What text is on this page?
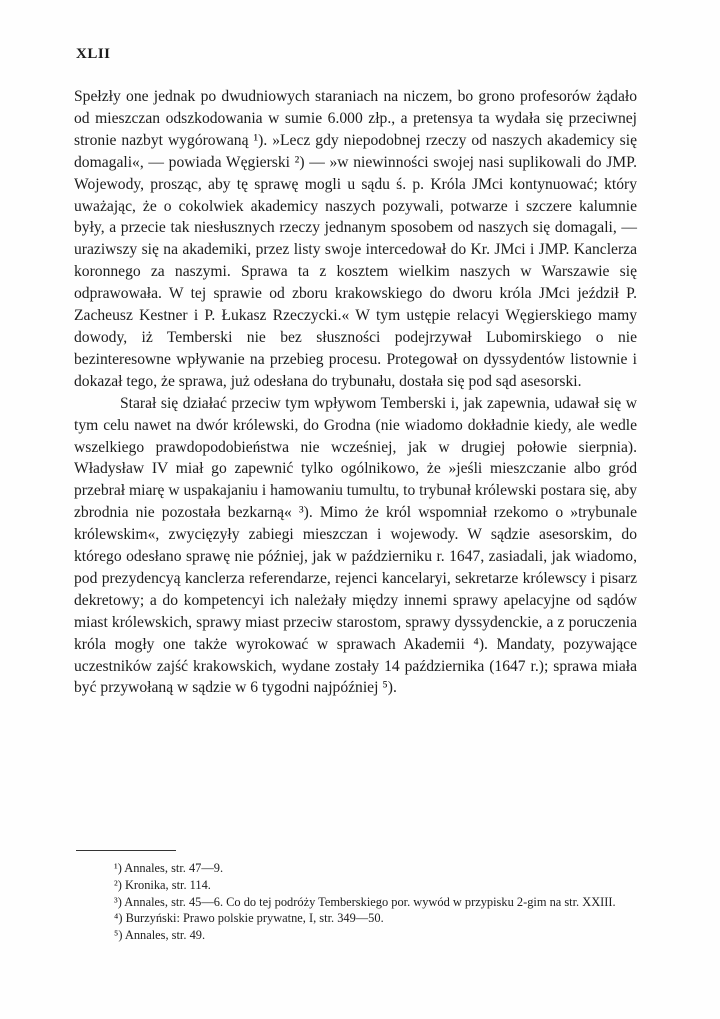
XLII

Spełzły one jednak po dwudniowych staraniach na niczem, bo grono profesorów żądało od mieszczan odszkodowania w sumie 6.000 złp., a pretensya ta wydała się przeciwnej stronie nazbyt wygórowaną ¹). »Lecz gdy niepodobnej rzeczy od naszych akademicy się domagali«, — powiada Węgierski ²) — »w niewinności swojej nasi suplikowali do JMP. Wojewody, prosząc, aby tę sprawę mogli u sądu ś. p. Króla JMci kontynuować; który uważając, że o cokolwiek akademicy naszych pozywali, potwarze i szczere kalumnie były, a przecie tak niesłusznych rzeczy jednanym sposobem od naszych się domagali, — uraziwszy się na akademiki, przez listy swoje intercedował do Kr. JMci i JMP. Kanclerza koronnego za naszymi. Sprawa ta z kosztem wielkim naszych w Warszawie się odprawowała. W tej sprawie od zboru krakowskiego do dworu króla JMci jeździł P. Zacheusz Kestner i P. Łukasz Rzeczycki.« W tym ustępie relacyi Węgierskiego mamy dowody, iż Temberski nie bez słuszności podejrzywał Lubomirskiego o nie bezinteresowne wpływanie na przebieg procesu. Protegował on dyssydentów listownie i dokazał tego, że sprawa, już odesłana do trybunału, dostała się pod sąd asesorski.

Starał się działać przeciw tym wpływom Temberski i, jak zapewnia, udawał się w tym celu nawet na dwór królewski, do Grodna (nie wiadomo dokładnie kiedy, ale wedle wszelkiego prawdopodobieństwa nie wcześniej, jak w drugiej połowie sierpnia). Władysław IV miał go zapewnić tylko ogólnikowo, że »jeśli mieszczanie albo gród przebrał miarę w uspakajaniu i hamowaniu tumultu, to trybunał królewski postara się, aby zbrodnia nie pozostała bezkarną« ³). Mimo że król wspomniał rzekomo o »trybunale królewskim«, zwycięzyły zabiegi mieszczan i wojewody. W sądzie asesorskim, do którego odesłano sprawę nie później, jak w październiku r. 1647, zasiadali, jak wiadomo, pod prezydencyą kanclerza referendarze, rejenci kancelaryi, sekretarze królewscy i pisarz dekretowy; a do kompetencyi ich należały między innemi sprawy apelacyjne od sądów miast królewskich, sprawy miast przeciw starostom, sprawy dyssydenckie, a z poruczenia króla mogły one także wyrokować w sprawach Akademii ⁴). Mandaty, pozywające uczestników zajść krakowskich, wydane zostały 14 października (1647 r.); sprawa miała być przywołaną w sądzie w 6 tygodni najpóźniej ⁵).

¹) Annales, str. 47—9.
²) Kronika, str. 114.
³) Annales, str. 45—6. Co do tej podróży Temberskiego por. wywód w przypisku 2-gim na str. XXIII.
⁴) Burzyński: Prawo polskie prywatne, I, str. 349—50.
⁵) Annales, str. 49.
